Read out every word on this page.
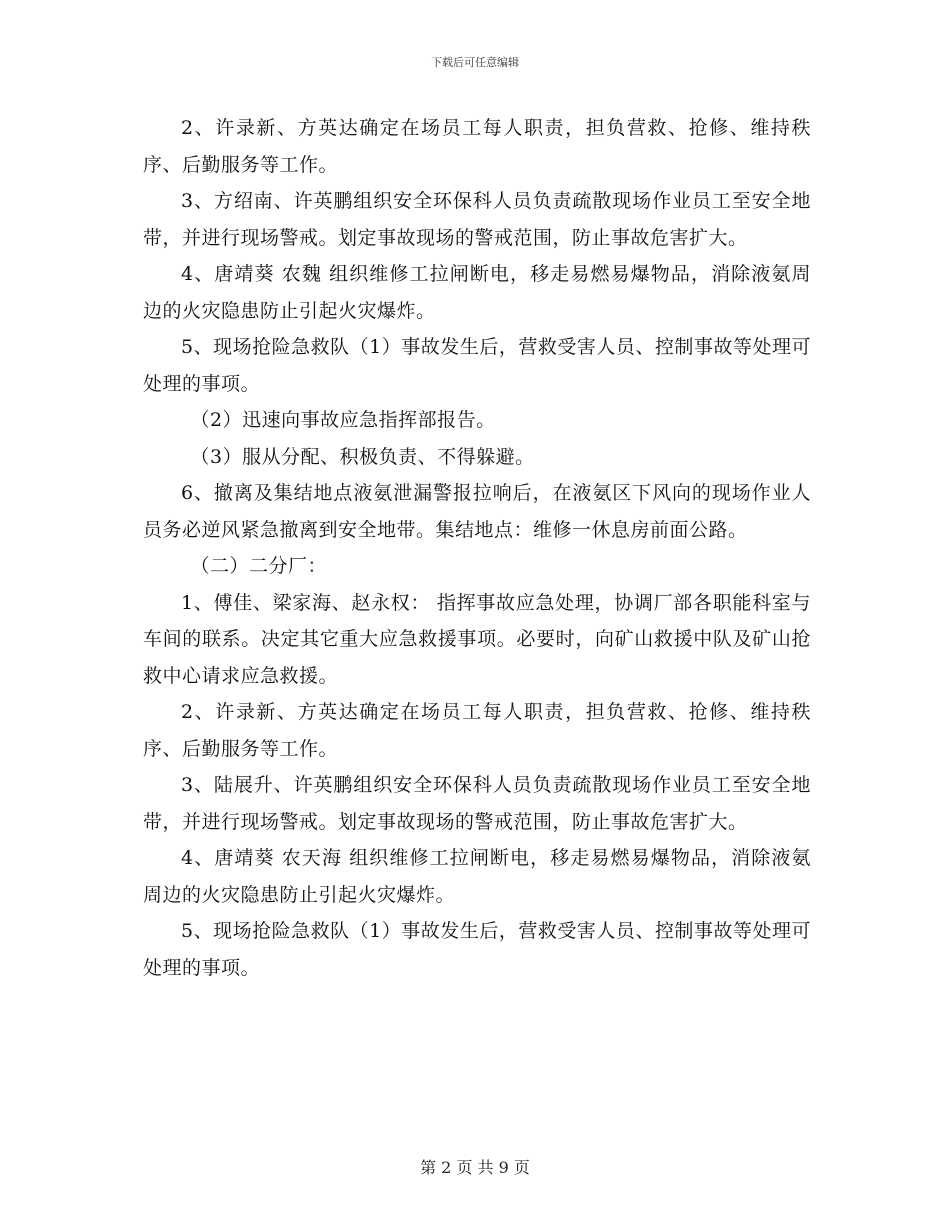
下载后可任意编辑

2、许录新、方英达确定在场员工每人职责，担负营救、抢修、维持秩序、后勤服务等工作。

3、方绍南、许英鹏组织安全环保科人员负责疏散现场作业员工至安全地带，并进行现场警戒。划定事故现场的警戒范围，防止事故危害扩大。

4、唐靖葵 农魏 组织维修工拉闸断电，移走易燃易爆物品，消除液氨周边的火灾隐患防止引起火灾爆炸。

5、现场抢险急救队（1）事故发生后，营救受害人员、控制事故等处理可处理的事项。

（2）迅速向事故应急指挥部报告。

（3）服从分配、积极负责、不得躲避。

6、撤离及集结地点液氨泄漏警报拉响后，在液氨区下风向的现场作业人员务必逆风紧急撤离到安全地带。集结地点：维修一休息房前面公路。

（二）二分厂：

1、傅佳、梁家海、赵永权： 指挥事故应急处理，协调厂部各职能科室与车间的联系。决定其它重大应急救援事项。必要时，向矿山救援中队及矿山抢救中心请求应急救援。

2、许录新、方英达确定在场员工每人职责，担负营救、抢修、维持秩序、后勤服务等工作。

3、陆展升、许英鹏组织安全环保科人员负责疏散现场作业员工至安全地带，并进行现场警戒。划定事故现场的警戒范围，防止事故危害扩大。

4、唐靖葵 农天海 组织维修工拉闸断电，移走易燃易爆物品，消除液氨周边的火灾隐患防止引起火灾爆炸。

5、现场抢险急救队（1）事故发生后，营救受害人员、控制事故等处理可处理的事项。

第 2 页 共 9 页
